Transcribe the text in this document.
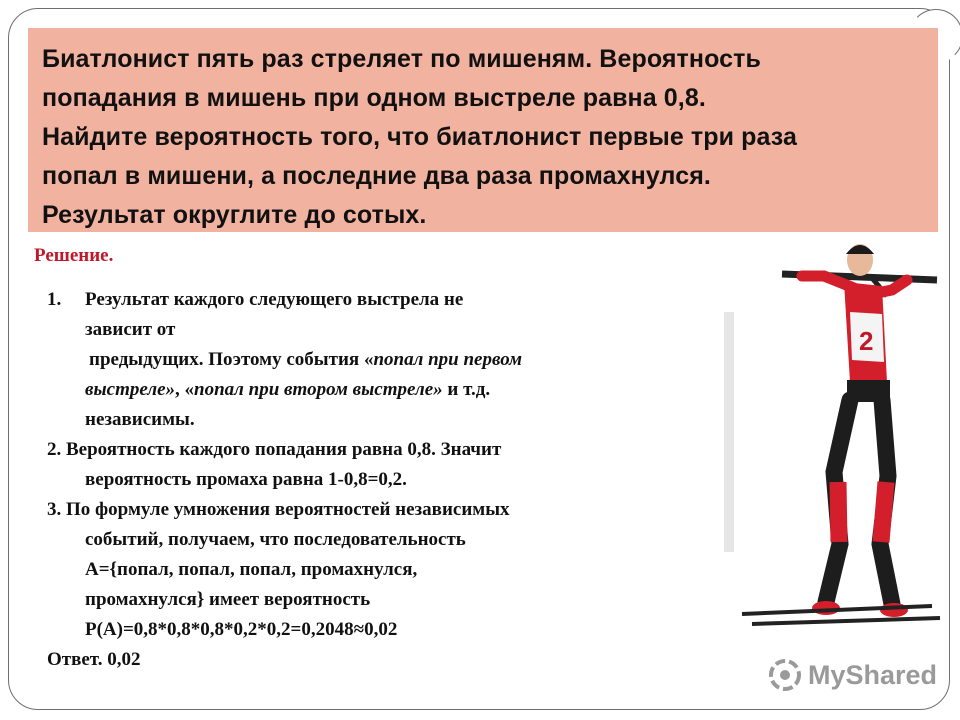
Биатлонист пять раз стреляет по мишеням. Вероятность
попадания в мишень при одном выстреле равна 0,8.
Найдите вероятность того, что биатлонист первые три раза
попал в мишени, а последние два раза промахнулся.
Результат округлите до сотых.
Решение.
1. Результат каждого следующего выстрела не
зависит от
предыдущих. Поэтому события «попал при первом
выстреле», «попал при втором выстреле» и т.д.
независимы.
2. Вероятность каждого попадания равна 0,8. Значит
вероятность промаха равна 1-0,8=0,2.
3. По формуле умножения вероятностей независимых
событий, получаем, что последовательность
A={попал, попал, попал, промахнулся,
промахнулся} имеет вероятность
P(A)=0,8*0,8*0,8*0,2*0,2=0,2048≈0,02
Ответ. 0,02
2
MyShared
